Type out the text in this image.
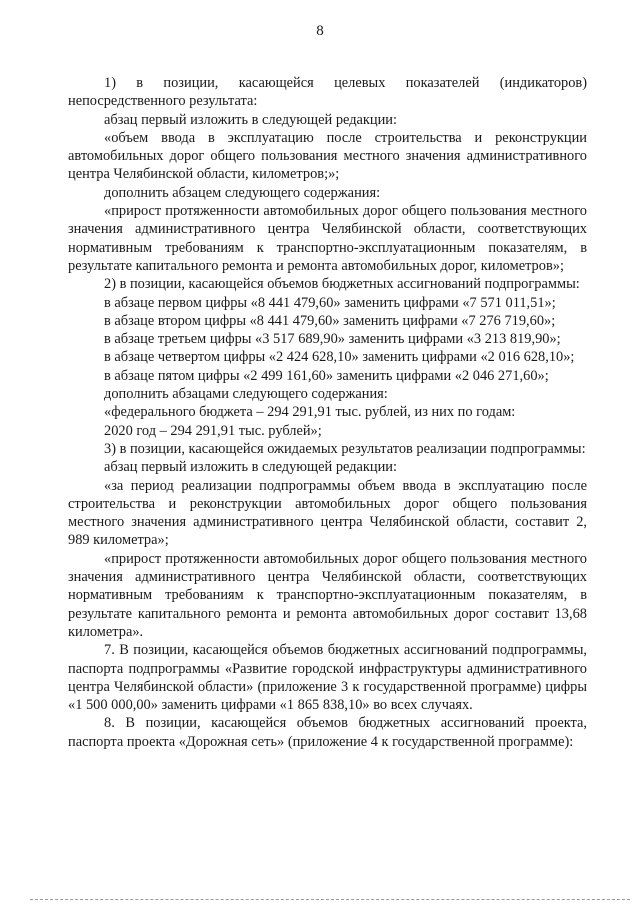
8

1) в позиции, касающейся целевых показателей (индикаторов) непосредственного результата:

абзац первый изложить в следующей редакции:

«объем ввода в эксплуатацию после строительства и реконструкции автомобильных дорог общего пользования местного значения административного центра Челябинской области, километров;»;

дополнить абзацем следующего содержания:

«прирост протяженности автомобильных дорог общего пользования местного значения административного центра Челябинской области, соответствующих нормативным требованиям к транспортно-эксплуатационным показателям, в результате капитального ремонта и ремонта автомобильных дорог, километров»;

2) в позиции, касающейся объемов бюджетных ассигнований подпрограммы:

в абзаце первом цифры «8 441 479,60» заменить цифрами «7 571 011,51»;

в абзаце втором цифры «8 441 479,60» заменить цифрами «7 276 719,60»;

в абзаце третьем цифры «3 517 689,90» заменить цифрами «3 213 819,90»;

в абзаце четвертом цифры «2 424 628,10» заменить цифрами «2 016 628,10»;

в абзаце пятом цифры «2 499 161,60» заменить цифрами «2 046 271,60»;

дополнить абзацами следующего содержания:

«федерального бюджета – 294 291,91 тыс. рублей, из них по годам:

2020 год – 294 291,91 тыс. рублей»;

3) в позиции, касающейся ожидаемых результатов реализации подпрограммы:

абзац первый изложить в следующей редакции:

«за период реализации подпрограммы объем ввода в эксплуатацию после строительства и реконструкции автомобильных дорог общего пользования местного значения административного центра Челябинской области, составит 2, 989 километра»;

«прирост протяженности автомобильных дорог общего пользования местного значения административного центра Челябинской области, соответствующих нормативным требованиям к транспортно-эксплуатационным показателям, в результате капитального ремонта и ремонта автомобильных дорог составит 13,68 километра».

7. В позиции, касающейся объемов бюджетных ассигнований подпрограммы, паспорта подпрограммы «Развитие городской инфраструктуры административного центра Челябинской области» (приложение 3 к государственной программе) цифры «1 500 000,00» заменить цифрами «1 865 838,10» во всех случаях.

8. В позиции, касающейся объемов бюджетных ассигнований проекта, паспорта проекта «Дорожная сеть» (приложение 4 к государственной программе):
